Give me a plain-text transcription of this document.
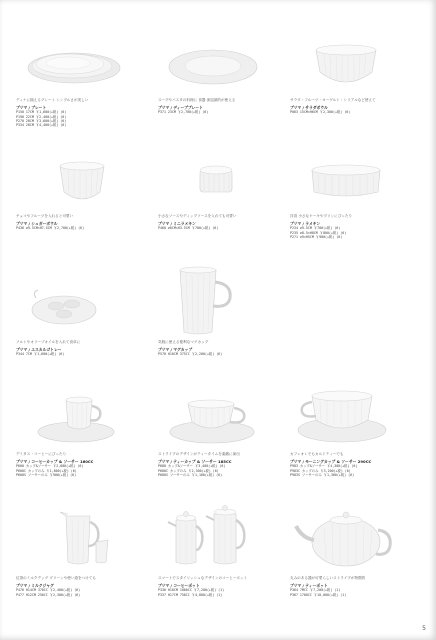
ディナに揃えるプレート シンプルさが美しい
プリマ / プレート
P150 17CM ￥1,600(+税) (6)
P190 22CM ￥2,400(+税) (6)
P270 28CM ￥3,600(+税) (6)
P334 28CM ￥4,400(+税) (6)
スープやパスタの料理に 食器 深皿最的が使える
プリマ / ディーププレート
P371 23CM ￥2,700(+税) (6)
サラダ・フルーツ・ヨーグルト・シリアルなど使えて
プリマ / サラダボウル
P063 15CM×H6CM ￥2,300(+税) (6)
チョコやフルーツを入れると可愛い
プリマ / シュガーボウル
P436 ⌀9.5CM×H7.5CM ￥2,700(+税) (6)
小さなソースやディップソースを入れても可愛い
プリマ / ミニラメキン
P460 ⌀6CM×H3.5CM ￥700(+税) (6)
洋食 小さなケーキやプリンにぴったり
プリマ / ラメキン
P234 ⌀9.5CM ￥700(+税) (6)
P235 ⌀8.5×H8CM ￥800(+税) (6)
P271 ⌀9×H5CM ￥900(+税) (6)
ソルトやオリーブオイルを入れて食卓に
プリマ / エスカルゴトレー
P344 7CM ￥1,600(+税) (6)
気軽に使える便利なマグカップ
プリマ / マグカップ
P578 H10CM 375CC ￥2,200(+税) (6)
デミタス・コーヒーにぴったり
プリマ / コーヒーカップ & ソーサー 160CC
P600 カップ&ソーサー ￥2,600(+税) (6)
P600C カップのみ ￥1,800(+税) (6)
P600S ソーサーのみ ￥900(+税) (6)
ストライプのデザインがティータイムを素敵に演出
プリマ / ティーカップ & ソーサー 185CC
P680 カップ&ソーサー ￥3,400(+税) (6)
P680C カップのみ ￥2,300(+税) (6)
P680S ソーサーのみ ￥1,100(+税) (6)
カフェオレでもカルドティーでも
プリマ / モーニングカップ & ソーサー 290CC
P983 カップ&ソーサー ￥4,300(+税) (6)
P983C カップのみ ￥3,200(+税) (6)
P983S ソーサーのみ ￥1,300(+税) (6)
紅茶のミルクデッグ グリーンや使い道をつけても
プリマ / ミルクジャグ
P476 H14CM 370CC ￥2,400(+税) (6)
P477 H12CM 250CC ￥2,300(+税) (6)
スマートでスタイリッシュなデザインのコーヒーポット
プリマ / コーヒーポット
P336 H18CM 1000CC ￥7,200(+税) (1)
P337 H17CM 750CC ￥4,800(+税) (1)
丸みのある器が可愛らしいストライプが特徴的
プリマ / ティーポット
P364 7MCC ￥7,200(+税) (1)
P367 1700CC ￥10,000(+税) (1)
5
